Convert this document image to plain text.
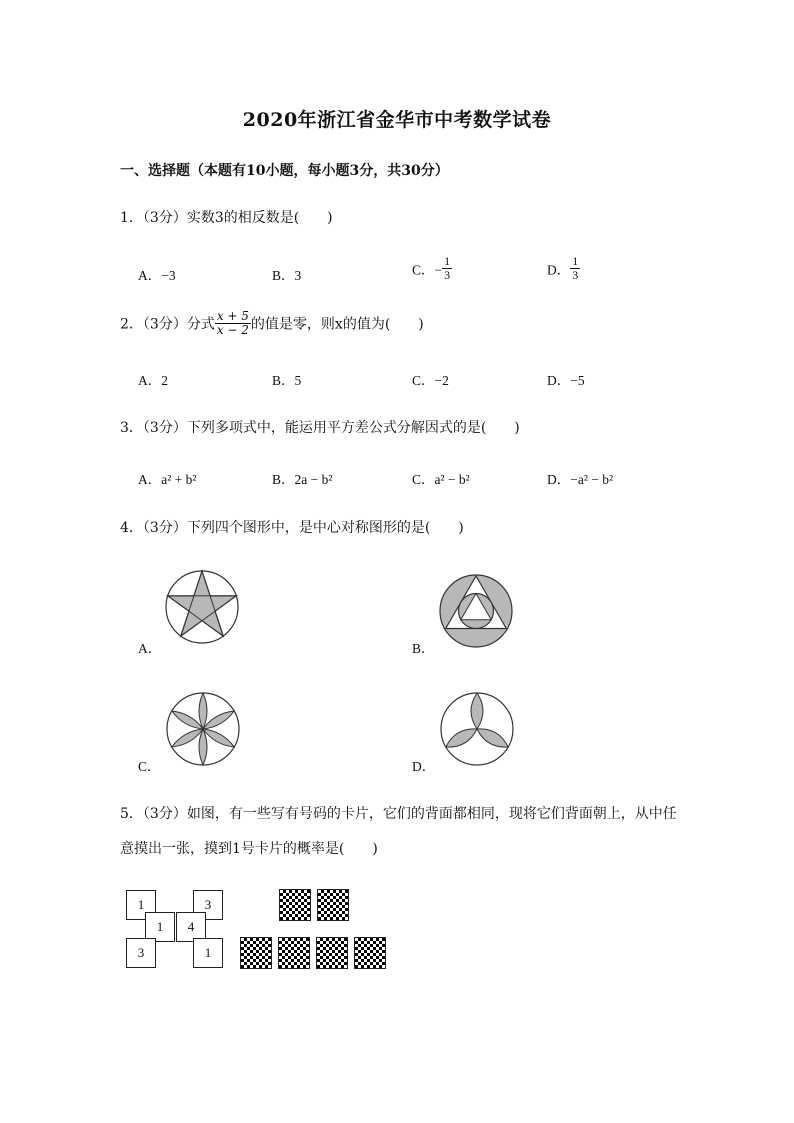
2020年浙江省金华市中考数学试卷
一、选择题（本题有10小题，每小题3分，共30分）
1．（3分）实数3的相反数是(　　)
A．−3	B．3	C．− $\frac{1}{3}$	D． $\frac{1}{3}$
2．（3分）分式 $\frac{x + 5}{x - 2}$ 的值是零，则x的值为(　　)
A．2	B．5	C．−2	D．−5
3．（3分）下列多项式中，能运用平方差公式分解因式的是(　　)
A．a² + b²	B．2a − b²	C．a² − b²	D．−a² − b²
4．（3分）下列四个图形中，是中心对称图形的是(　　)
A．	B．
C．	D．
5．（3分）如图，有一些写有号码的卡片，它们的背面都相同，现将它们背面朝上，从中任
意摸出一张，摸到1号卡片的概率是(　　)
1	3
1	4
3	1
